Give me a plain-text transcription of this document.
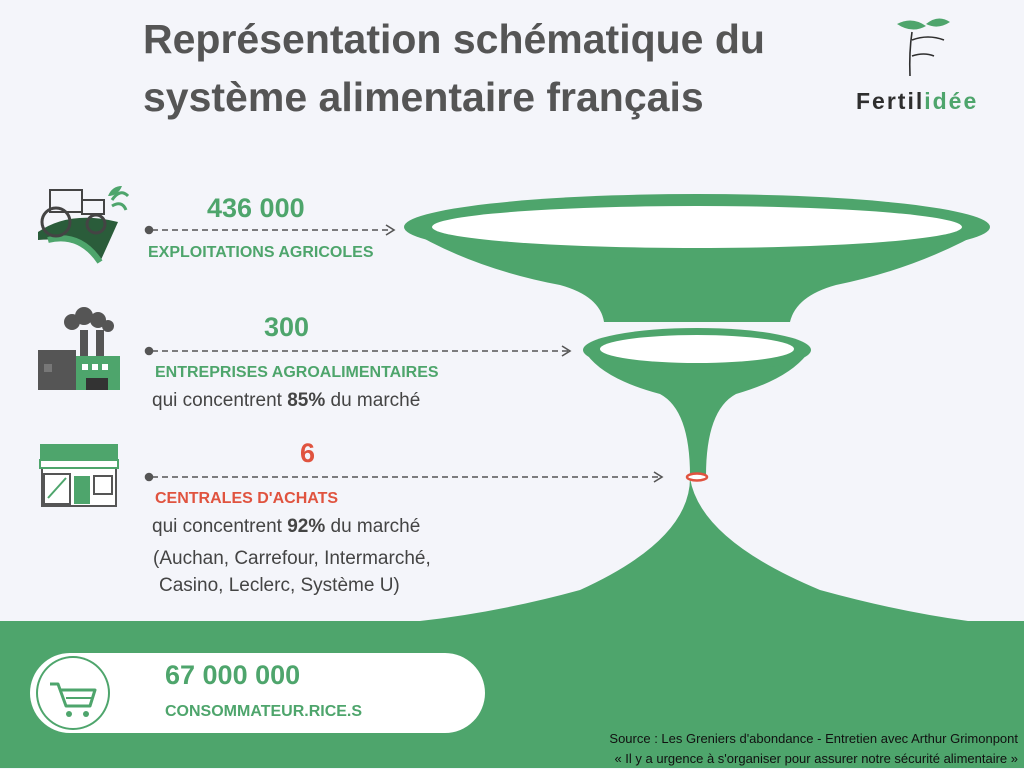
Représentation schématique du système alimentaire français	Fertilidée
436 000
EXPLOITATIONS AGRICOLES
300
ENTREPRISES AGROALIMENTAIRES
qui concentrent 85% du marché
6
CENTRALES D'ACHATS
qui concentrent 92% du marché
(Auchan, Carrefour, Intermarché,
Casino, Leclerc, Système U)
67 000 000
CONSOMMATEUR.RICE.S
Source : Les Greniers d'abondance - Entretien avec Arthur Grimonpont
« Il y a urgence à s'organiser pour assurer notre sécurité alimentaire »
